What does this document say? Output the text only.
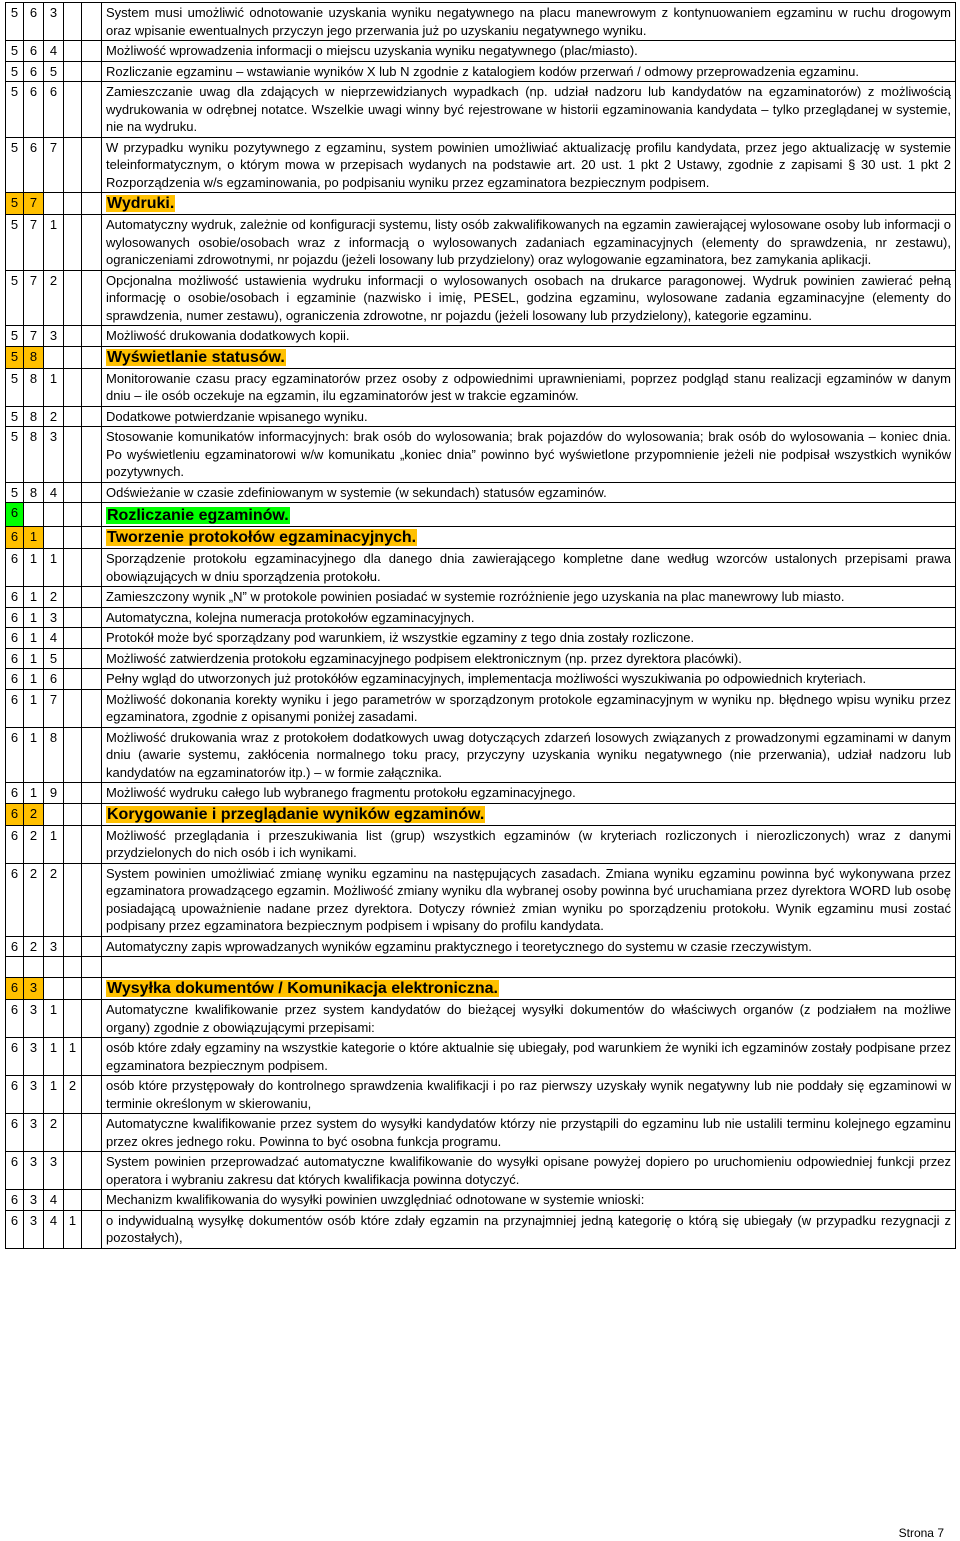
5	6	3			System musi umożliwić odnotowanie uzyskania wyniku negatywnego na placu manewrowym z kontynuowaniem egzaminu w ruchu drogowym oraz wpisanie ewentualnych przyczyn jego przerwania już po uzyskaniu negatywnego wyniku.
5	6	4			Możliwość wprowadzenia informacji o miejscu uzyskania wyniku negatywnego (plac/miasto).
5	6	5			Rozliczanie egzaminu – wstawianie wyników X lub N zgodnie z katalogiem kodów przerwań / odmowy przeprowadzenia egzaminu.
5	6	6			Zamieszczanie uwag dla zdających w nieprzewidzianych wypadkach (np. udział nadzoru lub kandydatów na egzaminatorów) z możliwością wydrukowania w odrębnej notatce. Wszelkie uwagi winny być rejestrowane w historii egzaminowania kandydata – tylko przeglądanej w systemie, nie na wydruku.
5	6	7			W przypadku wyniku pozytywnego z egzaminu, system powinien umożliwiać aktualizację profilu kandydata, przez jego aktualizację w systemie teleinformatycznym, o którym mowa w przepisach wydanych na podstawie art. 20 ust. 1 pkt 2 Ustawy, zgodnie z zapisami § 30 ust. 1 pkt 2 Rozporządzenia w/s egzaminowania, po podpisaniu wyniku przez egzaminatora bezpiecznym podpisem.
5	7				Wydruki.
5	7	1			Automatyczny wydruk, zależnie od konfiguracji systemu, listy osób zakwalifikowanych na egzamin zawierającej wylosowane osoby lub informacji o wylosowanych osobie/osobach wraz z informacją o wylosowanych zadaniach egzaminacyjnych (elementy do sprawdzenia, nr zestawu), ograniczeniami zdrowotnymi, nr pojazdu (jeżeli losowany lub przydzielony) oraz wylogowanie egzaminatora, bez zamykania aplikacji.
5	7	2			Opcjonalna możliwość ustawienia wydruku informacji o wylosowanych osobach na drukarce paragonowej. Wydruk powinien zawierać pełną informację o osobie/osobach i egzaminie (nazwisko i imię, PESEL, godzina egzaminu, wylosowane zadania egzaminacyjne (elementy do sprawdzenia, numer zestawu), ograniczenia zdrowotne, nr pojazdu (jeżeli losowany lub przydzielony), kategorie egzaminu.
5	7	3			Możliwość drukowania dodatkowych kopii.
5	8				Wyświetlanie statusów.
5	8	1			Monitorowanie czasu pracy egzaminatorów przez osoby z odpowiednimi uprawnieniami, poprzez podgląd stanu realizacji egzaminów w danym dniu – ile osób oczekuje na egzamin, ilu egzaminatorów jest w trakcie egzaminów.
5	8	2			Dodatkowe potwierdzanie wpisanego wyniku.
5	8	3			Stosowanie komunikatów informacyjnych: brak osób do wylosowania; brak pojazdów do wylosowania; brak osób do wylosowania – koniec dnia. Po wyświetleniu egzaminatorowi w/w komunikatu „koniec dnia” powinno być wyświetlone przypomnienie jeżeli nie podpisał wszystkich wyników pozytywnych.
5	8	4			Odświeżanie w czasie zdefiniowanym w systemie (w sekundach) statusów egzaminów.
6					Rozliczanie egzaminów.
6	1				Tworzenie protokołów egzaminacyjnych.
6	1	1			Sporządzenie protokołu egzaminacyjnego dla danego dnia zawierającego kompletne dane według wzorców ustalonych przepisami prawa obowiązujących w dniu sporządzenia protokołu.
6	1	2			Zamieszczony wynik „N” w protokole powinien posiadać w systemie rozróżnienie jego uzyskania na plac manewrowy lub miasto.
6	1	3			Automatyczna, kolejna numeracja protokołów egzaminacyjnych.
6	1	4			Protokół może być sporządzany pod warunkiem, iż wszystkie egzaminy z tego dnia zostały rozliczone.
6	1	5			Możliwość zatwierdzenia protokołu egzaminacyjnego podpisem elektronicznym (np. przez dyrektora placówki).
6	1	6			Pełny wgląd do utworzonych już protokółów egzaminacyjnych, implementacja możliwości wyszukiwania po odpowiednich kryteriach.
6	1	7			Możliwość dokonania korekty wyniku i jego parametrów w sporządzonym protokole egzaminacyjnym w wyniku np. błędnego wpisu wyniku przez egzaminatora, zgodnie z opisanymi poniżej zasadami.
6	1	8			Możliwość drukowania wraz z protokołem dodatkowych uwag dotyczących zdarzeń losowych związanych z prowadzonymi egzaminami w danym dniu (awarie systemu, zakłócenia normalnego toku pracy, przyczyny uzyskania wyniku negatywnego (nie przerwania), udział nadzoru lub kandydatów na egzaminatorów itp.) – w formie załącznika.
6	1	9			Możliwość wydruku całego lub wybranego fragmentu protokołu egzaminacyjnego.
6	2				Korygowanie i przeglądanie wyników egzaminów.
6	2	1			Możliwość przeglądania i przeszukiwania list (grup) wszystkich egzaminów (w kryteriach rozliczonych i nierozliczonych) wraz z danymi przydzielonych do nich osób i ich wynikami.
6	2	2			System powinien umożliwiać zmianę wyniku egzaminu na następujących zasadach. Zmiana wyniku egzaminu powinna być wykonywana przez egzaminatora prowadzącego egzamin. Możliwość zmiany wyniku dla wybranej osoby powinna być uruchamiana przez dyrektora WORD lub osobę posiadającą upoważnienie nadane przez dyrektora. Dotyczy również zmian wyniku po sporządzeniu protokołu. Wynik egzaminu musi zostać podpisany przez egzaminatora bezpiecznym podpisem i wpisany do profilu kandydata.
6	2	3			Automatyczny zapis wprowadzanych wyników egzaminu praktycznego i teoretycznego do systemu w czasie rzeczywistym.

6	3				Wysyłka dokumentów / Komunikacja elektroniczna.
6	3	1			Automatyczne kwalifikowanie przez system kandydatów do bieżącej wysyłki dokumentów do właściwych organów (z podziałem na możliwe organy) zgodnie z obowiązującymi przepisami:
6	3	1	1		osób które zdały egzaminy na wszystkie kategorie o które aktualnie się ubiegały, pod warunkiem że wyniki ich egzaminów zostały podpisane przez egzaminatora bezpiecznym podpisem.
6	3	1	2		osób które przystępowały do kontrolnego sprawdzenia kwalifikacji i po raz pierwszy uzyskały wynik negatywny lub nie poddały się egzaminowi w terminie określonym w skierowaniu,
6	3	2			Automatyczne kwalifikowanie przez system do wysyłki kandydatów którzy nie przystąpili do egzaminu lub nie ustalili terminu kolejnego egzaminu przez okres jednego roku. Powinna to być osobna funkcja programu.
6	3	3			System powinien przeprowadzać automatyczne kwalifikowanie do wysyłki opisane powyżej dopiero po uruchomieniu odpowiedniej funkcji przez operatora i wybraniu zakresu dat których kwalifikacja powinna dotyczyć.
6	3	4			Mechanizm kwalifikowania do wysyłki powinien uwzględniać odnotowane w systemie wnioski:
6	3	4	1		o indywidualną wysyłkę dokumentów osób które zdały egzamin na przynajmniej jedną kategorię o którą się ubiegały (w przypadku rezygnacji z pozostałych),
Strona 7
